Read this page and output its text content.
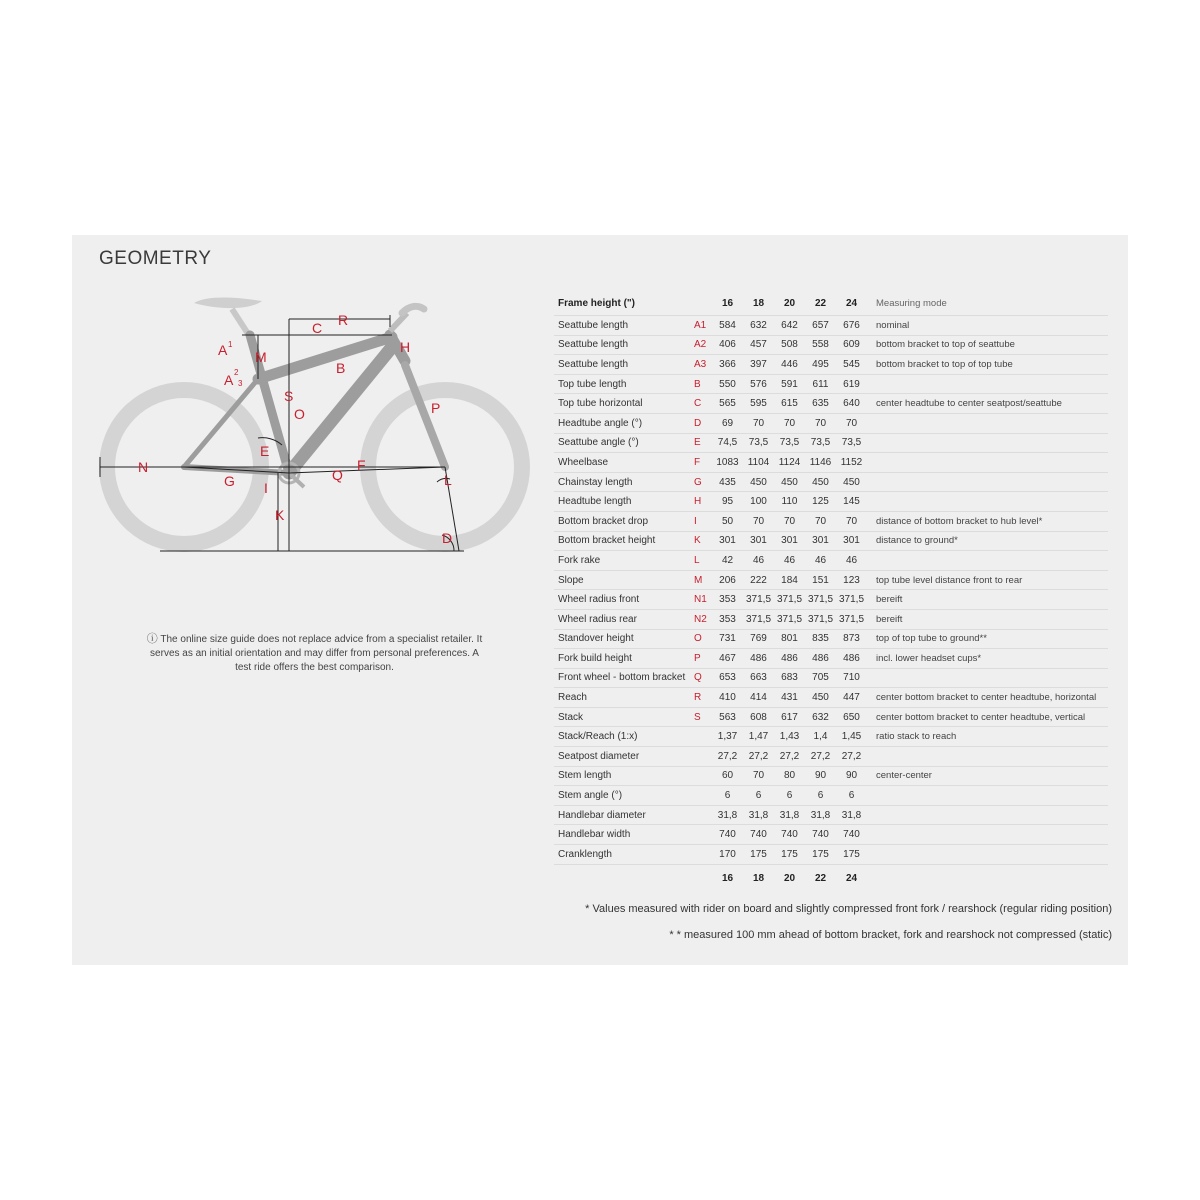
GEOMETRY
A 1
M
2
A 3
C R
H
B
S
O	P
E
N	F
Q
G I	L
K
D
ⓘ The online size guide does not replace advice from a specialist retailer. It serves as an initial orientation and may differ from personal preferences. A test ride offers the best comparison.
Frame height (")		16	18	20	22	24	Measuring mode
Seattube length	A1	584	632	642	657	676	nominal
Seattube length	A2	406	457	508	558	609	bottom bracket to top of seattube
Seattube length	A3	366	397	446	495	545	bottom bracket to top of top tube
Top tube length	B	550	576	591	611	619	
Top tube horizontal	C	565	595	615	635	640	center headtube to center seatpost/seattube
Headtube angle (°)	D	69	70	70	70	70	
Seattube angle (°)	E	74,5	73,5	73,5	73,5	73,5	
Wheelbase	F	1083	1104	1124	1146	1152	
Chainstay length	G	435	450	450	450	450	
Headtube length	H	95	100	110	125	145	
Bottom bracket drop	I	50	70	70	70	70	distance of bottom bracket to hub level*
Bottom bracket height	K	301	301	301	301	301	distance to ground*
Fork rake	L	42	46	46	46	46	
Slope	M	206	222	184	151	123	top tube level distance front to rear
Wheel radius front	N1	353	371,5	371,5	371,5	371,5	bereift
Wheel radius rear	N2	353	371,5	371,5	371,5	371,5	bereift
Standover height	O	731	769	801	835	873	top of top tube to ground**
Fork build height	P	467	486	486	486	486	incl. lower headset cups*
Front wheel - bottom bracket	Q	653	663	683	705	710	
Reach	R	410	414	431	450	447	center bottom bracket to center headtube, horizontal
Stack	S	563	608	617	632	650	center bottom bracket to center headtube, vertical
Stack/Reach (1:x)		1,37	1,47	1,43	1,4	1,45	ratio stack to reach
Seatpost diameter		27,2	27,2	27,2	27,2	27,2	
Stem length		60	70	80	90	90	center-center
Stem angle (°)		6	6	6	6	6	
Handlebar diameter		31,8	31,8	31,8	31,8	31,8	
Handlebar width		740	740	740	740	740	
Cranklength		170	175	175	175	175	
		16	18	20	22	24	
* Values measured with rider on board and slightly compressed front fork / rearshock (regular riding position)
* * measured 100 mm ahead of bottom bracket, fork and rearshock not compressed (static)
